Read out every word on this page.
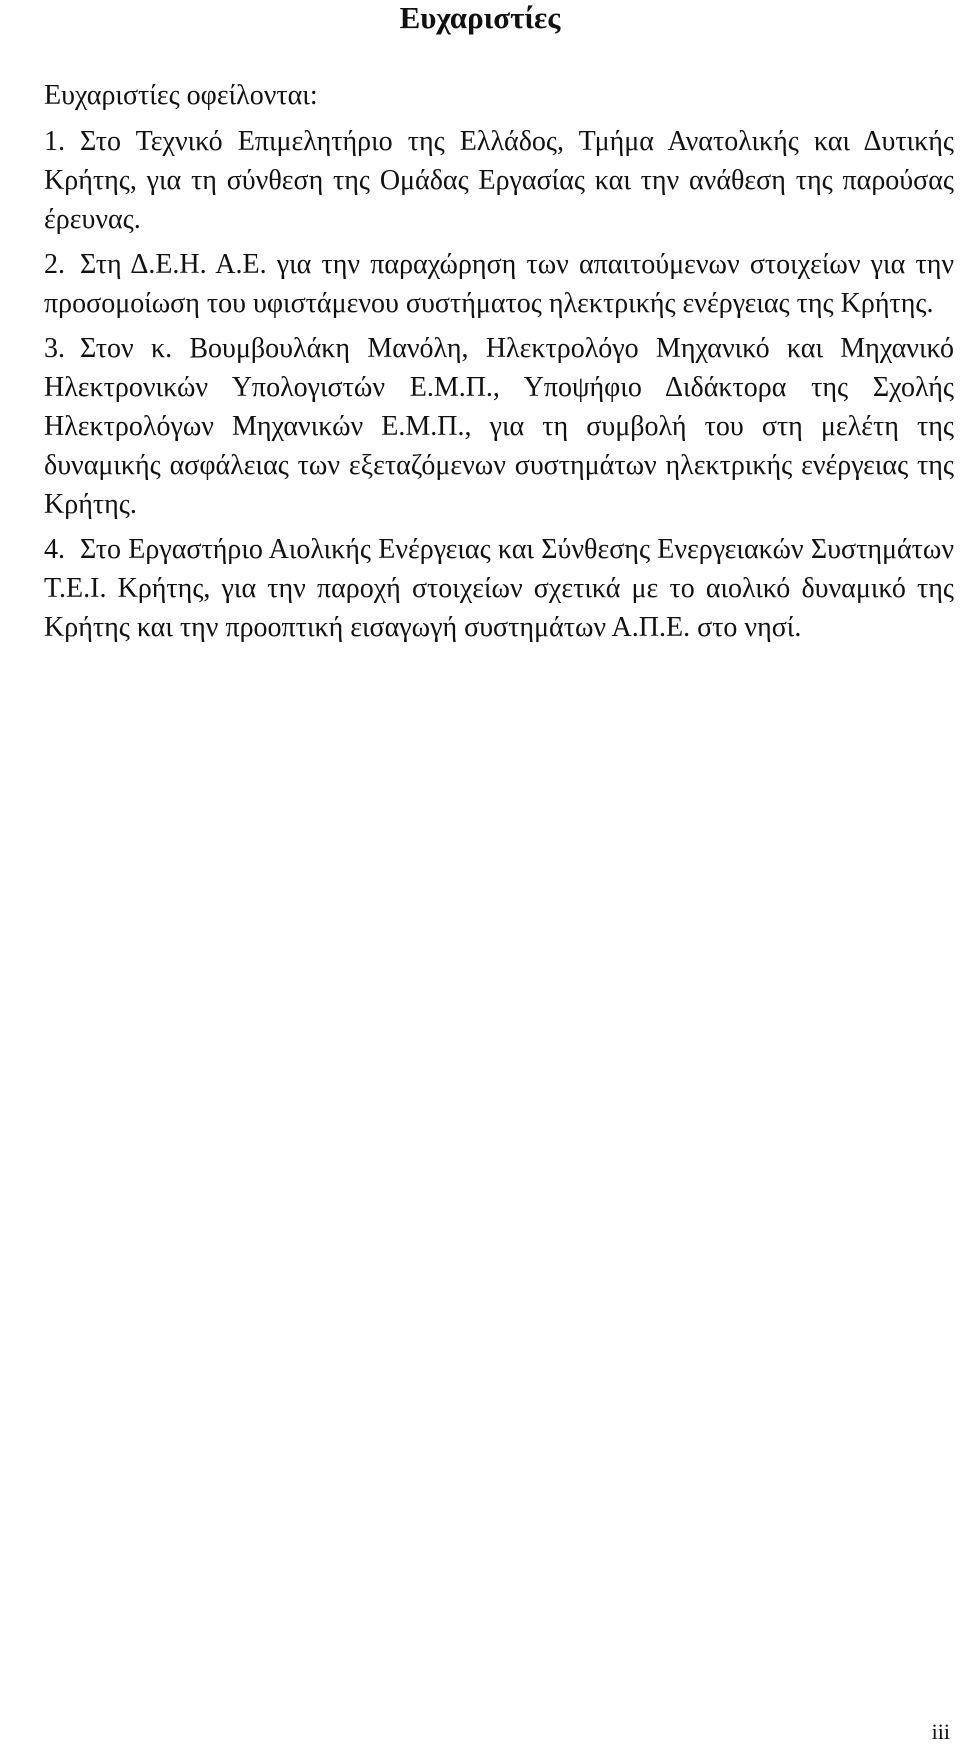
Ευχαριστίες

Ευχαριστίες οφείλονται:

1. Στο Τεχνικό Επιμελητήριο της Ελλάδος, Τμήμα Ανατολικής και Δυτικής Κρήτης, για τη σύνθεση της Ομάδας Εργασίας και την ανάθεση της παρούσας έρευνας.
2. Στη Δ.Ε.Η. Α.Ε. για την παραχώρηση των απαιτούμενων στοιχείων για την προσομοίωση του υφιστάμενου συστήματος ηλεκτρικής ενέργειας της Κρήτης.
3. Στον κ. Βουμβουλάκη Μανόλη, Ηλεκτρολόγο Μηχανικό και Μηχανικό Ηλεκτρονικών Υπολογιστών Ε.Μ.Π., Υποψήφιο Διδάκτορα της Σχολής Ηλεκτρολόγων Μηχανικών Ε.Μ.Π., για τη συμβολή του στη μελέτη της δυναμικής ασφάλειας των εξεταζόμενων συστημάτων ηλεκτρικής ενέργειας της Κρήτης.
4. Στο Εργαστήριο Αιολικής Ενέργειας και Σύνθεσης Ενεργειακών Συστημάτων Τ.Ε.Ι. Κρήτης, για την παροχή στοιχείων σχετικά με το αιολικό δυναμικό της Κρήτης και την προοπτική εισαγωγή συστημάτων Α.Π.Ε. στο νησί.
iii
